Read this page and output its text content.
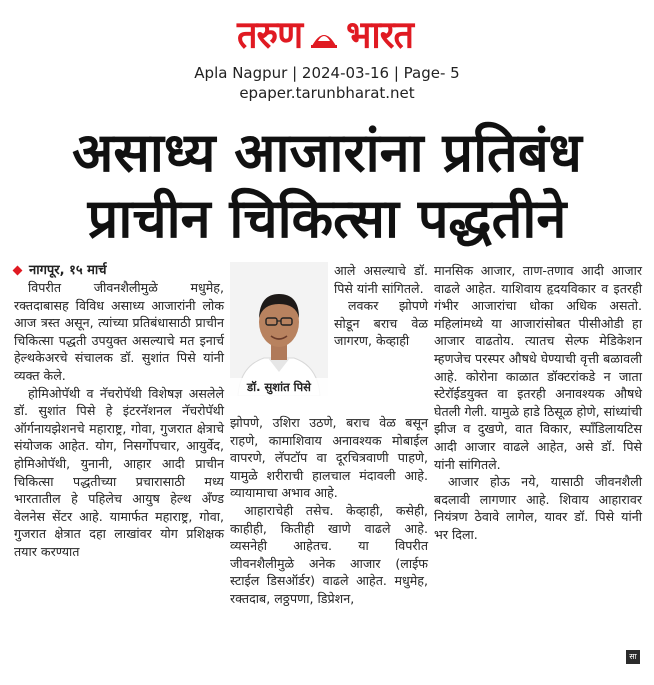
तरुण भारत
Apla Nagpur | 2024-03-16 | Page- 5
epaper.tarunbharat.net
असाध्य आजारांना प्रतिबंध
प्राचीन चिकित्सा पद्धतीने
नागपूर, १५ मार्च

विपरीत जीवनशैलीमुळे मधुमेह, रक्तदाबासह विविध असाध्य आजारांनी लोक आज त्रस्त असून, त्यांच्या प्रतिबंधासाठी प्राचीन चिकित्सा पद्धती उपयुक्त असल्याचे मत इनार्च हेल्थकेअरचे संचालक डॉ. सुशांत पिसे यांनी व्यक्त केले.

होमिओपॅथी व नॅचरोपॅथी विशेषज्ञ असलेले डॉ. सुशांत पिसे हे इंटरनॅशनल नॅचरोपॅथी ऑर्गनायझेशनचे महाराष्ट्र, गोवा, गुजरात क्षेत्राचे संयोजक आहेत. योग, निसर्गोपचार, आयुर्वेद, होमिओपॅथी, युनानी, आहार आदी प्राचीन चिकित्सा पद्धतीच्या प्रचारासाठी मध्य भारतातील हे पहिलेच आयुष हेल्थ अँण्ड वेलनेस सेंटर आहे. यामार्फत महाराष्ट्र, गोवा, गुजरात क्षेत्रात दहा लाखांवर योग प्रशिक्षक तयार करण्यात

डॉ. सुशांत पिसे

आले असल्याचे डॉ. पिसे यांनी सांगितले.

लवकर झोपणे सोडून बराच वेळ जागरण, केव्हाही

झोपणे, उशिरा उठणे, बराच वेळ बसून राहणे, कामाशिवाय अनावश्यक मोबाईल वापरणे, लॅपटॉप वा दूरचित्रवाणी पाहणे, यामुळे शरीराची हालचाल मंदावली आहे. व्यायामाचा अभाव आहे.

आहाराचेही तसेच. केव्हाही, कसेही, काहीही, कितीही खाणे वाढले आहे. व्यसनेही आहेतच. या विपरीत जीवनशैलीमुळे अनेक आजार (लाईफ स्टाईल डिसऑर्डर) वाढले आहेत. मधुमेह, रक्तदाब, लठ्ठपणा, डिप्रेशन,

मानसिक आजार, ताण-तणाव आदी आजार वाढले आहेत. याशिवाय हृदयविकार व इतरही गंभीर आजारांचा धोका अधिक असतो. महिलांमध्ये या आजारांसोबत पीसीओडी हा आजार वाढतोय. त्यातच सेल्फ मेडिकेशन म्हणजेच परस्पर औषधे घेण्याची वृत्ती बळावली आहे. कोरोना काळात डॉक्टरांकडे न जाता स्टेरॉईडयुक्त वा इतरही अनावश्यक औषधे घेतली गेली. यामुळे हाडे ठिसूळ होणे, सांध्यांची झीज व दुखणे, वात विकार, स्पॉंडिलायटिस आदी आजार वाढले आहेत, असे डॉ. पिसे यांनी सांगितले.

आजार होऊ नये, यासाठी जीवनशैली बदलावी लागणार आहे. शिवाय आहारावर नियंत्रण ठेवावे लागेल, यावर डॉ. पिसे यांनी भर दिला.

सा
